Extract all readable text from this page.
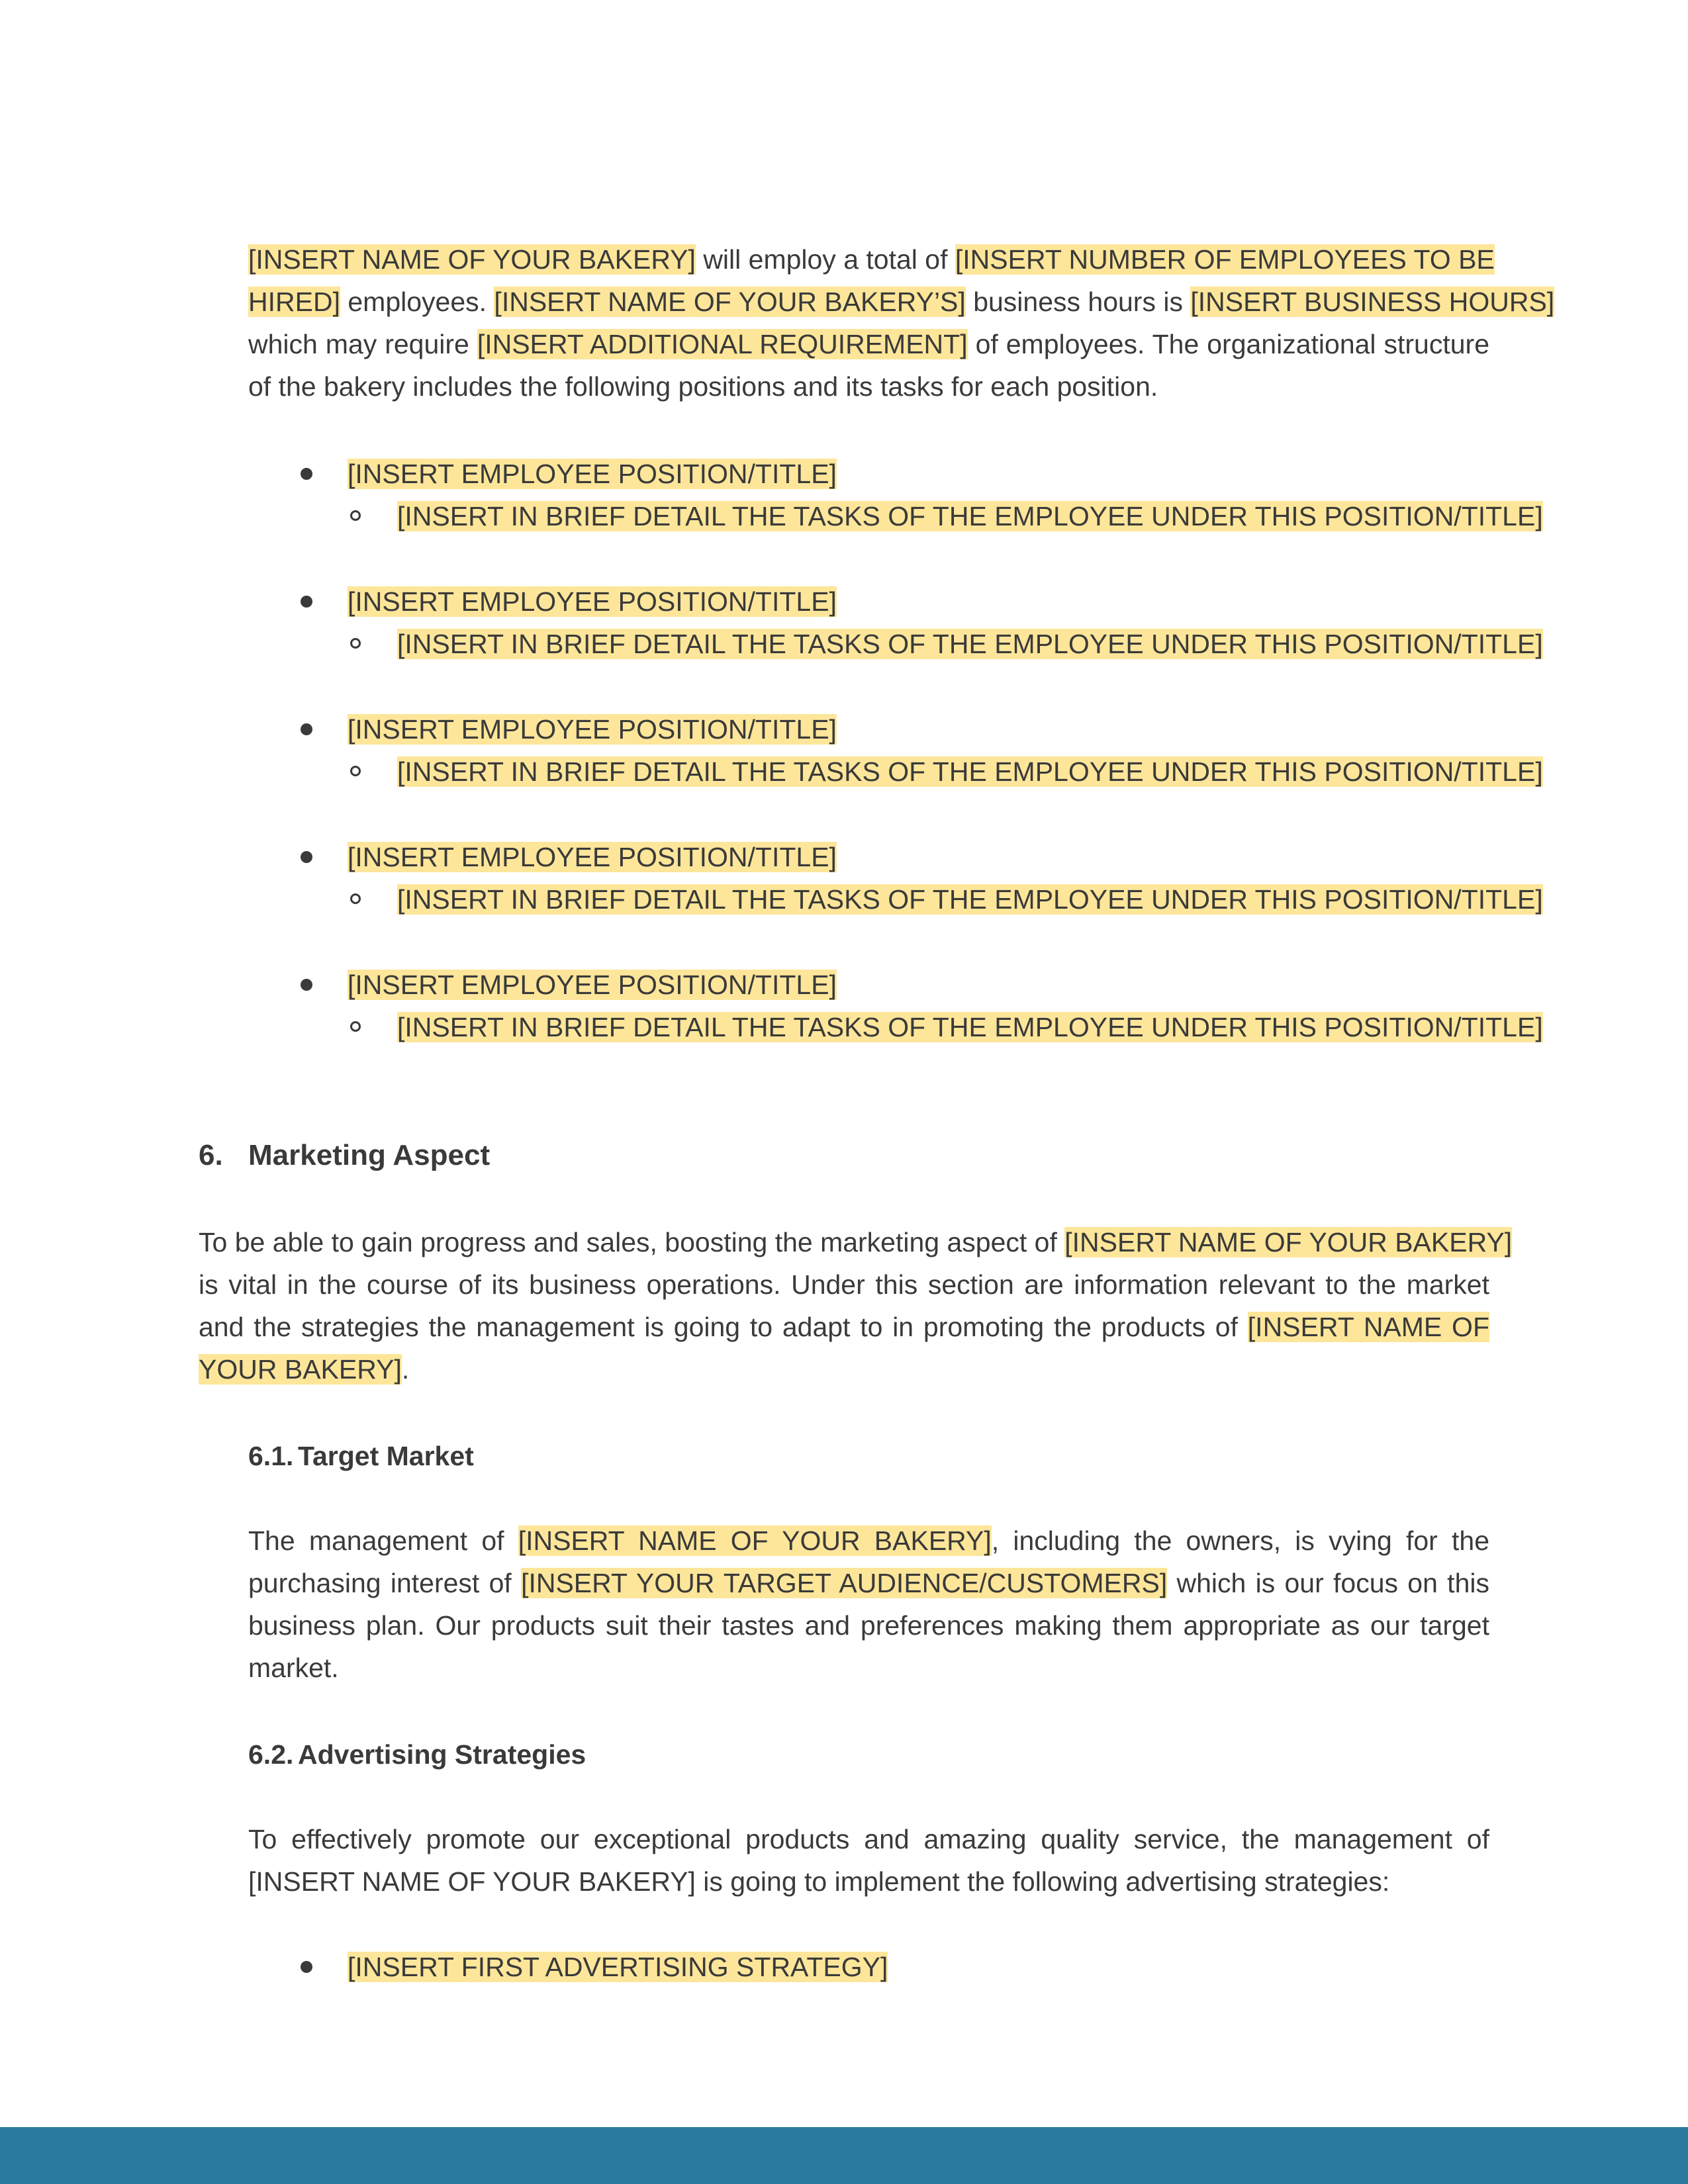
[INSERT NAME OF YOUR BAKERY] will employ a total of [INSERT NUMBER OF EMPLOYEES TO BE
HIRED] employees. [INSERT NAME OF YOUR BAKERY’S] business hours is [INSERT BUSINESS HOURS]
which may require [INSERT ADDITIONAL REQUIREMENT] of employees. The organizational structure
of the bakery includes the following positions and its tasks for each position.
[INSERT EMPLOYEE POSITION/TITLE]
[INSERT IN BRIEF DETAIL THE TASKS OF THE EMPLOYEE UNDER THIS POSITION/TITLE]
[INSERT EMPLOYEE POSITION/TITLE]
[INSERT IN BRIEF DETAIL THE TASKS OF THE EMPLOYEE UNDER THIS POSITION/TITLE]
[INSERT EMPLOYEE POSITION/TITLE]
[INSERT IN BRIEF DETAIL THE TASKS OF THE EMPLOYEE UNDER THIS POSITION/TITLE]
[INSERT EMPLOYEE POSITION/TITLE]
[INSERT IN BRIEF DETAIL THE TASKS OF THE EMPLOYEE UNDER THIS POSITION/TITLE]
[INSERT EMPLOYEE POSITION/TITLE]
[INSERT IN BRIEF DETAIL THE TASKS OF THE EMPLOYEE UNDER THIS POSITION/TITLE]
6. Marketing Aspect
To be able to gain progress and sales, boosting the marketing aspect of [INSERT NAME OF YOUR BAKERY]
is vital in the course of its business operations. Under this section are information relevant to the market
and the strategies the management is going to adapt to in promoting the products of [INSERT NAME OF
YOUR BAKERY].
6.1. Target Market
The management of [INSERT NAME OF YOUR BAKERY], including the owners, is vying for the
purchasing interest of [INSERT YOUR TARGET AUDIENCE/CUSTOMERS] which is our focus on this
business plan. Our products suit their tastes and preferences making them appropriate as our target
market.
6.2. Advertising Strategies
To effectively promote our exceptional products and amazing quality service, the management of
[INSERT NAME OF YOUR BAKERY] is going to implement the following advertising strategies:
[INSERT FIRST ADVERTISING STRATEGY]
